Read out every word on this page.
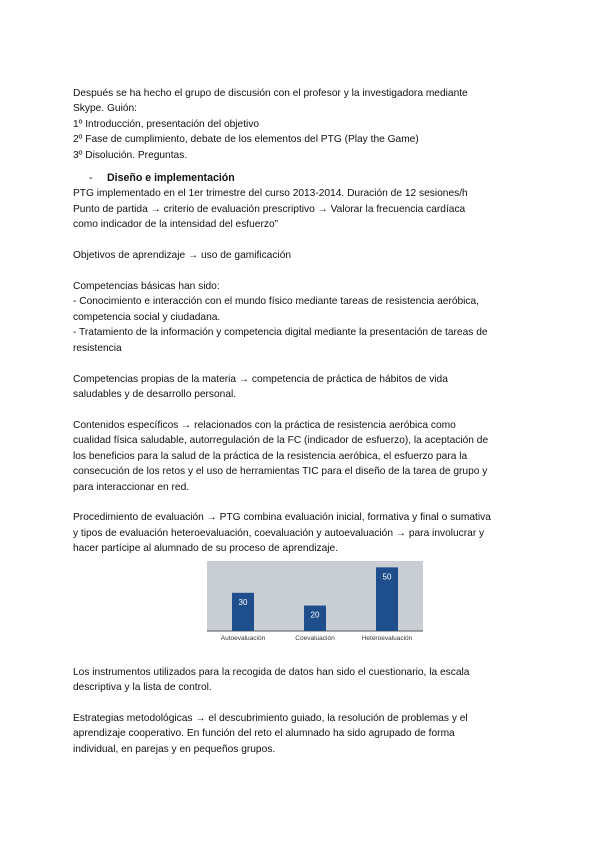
Después se ha hecho el grupo de discusión con el profesor y la investigadora mediante

Skype. Guión:

1º Introducción, presentación del objetivo

2º Fase de cumplimiento, debate de los elementos del PTG (Play the Game)

3º Disolución. Preguntas.

- Diseño e implementación

PTG implementado en el 1er trimestre del curso 2013-2014. Duración de 12 sesiones/h

Punto de partida → criterio de evaluación prescriptivo → Valorar la frecuencia cardíaca

como indicador de la intensidad del esfuerzo”

Objetivos de aprendizaje → uso de gamificación

Competencias básicas han sido:

- Conocimiento e interacción con el mundo físico mediante tareas de resistencia aeróbica,

competencia social y ciudadana.

- Tratamiento de la información y competencia digital mediante la presentación de tareas de

resistencia

Competencias propias de la materia → competencia de práctica de hábitos de vida

saludables y de desarrollo personal.

Contenidos específicos → relacionados con la práctica de resistencia aeróbica como

cualidad física saludable, autorregulación de la FC (indicador de esfuerzo), la aceptación de

los beneficios para la salud de la práctica de la resistencia aeróbica, el esfuerzo para la

consecución de los retos y el uso de herramientas TIC para el diseño de la tarea de grupo y

para interaccionar en red.

Procedimiento de evaluación → PTG combina evaluación inicial, formativa y final o sumativa

y tipos de evaluación heteroevaluación, coevaluación y autoevaluación → para involucrar y

hacer partícipe al alumnado de su proceso de aprendizaje.

30
Autoevaluación
20
Coevaluación
50
Heteroevaluación

Los instrumentos utilizados para la recogida de datos han sido el cuestionario, la escala

descriptiva y la lista de control.

Estrategias metodológicas → el descubrimiento guiado, la resolución de problemas y el

aprendizaje cooperativo. En función del reto el alumnado ha sido agrupado de forma

individual, en parejas y en pequeños grupos.
